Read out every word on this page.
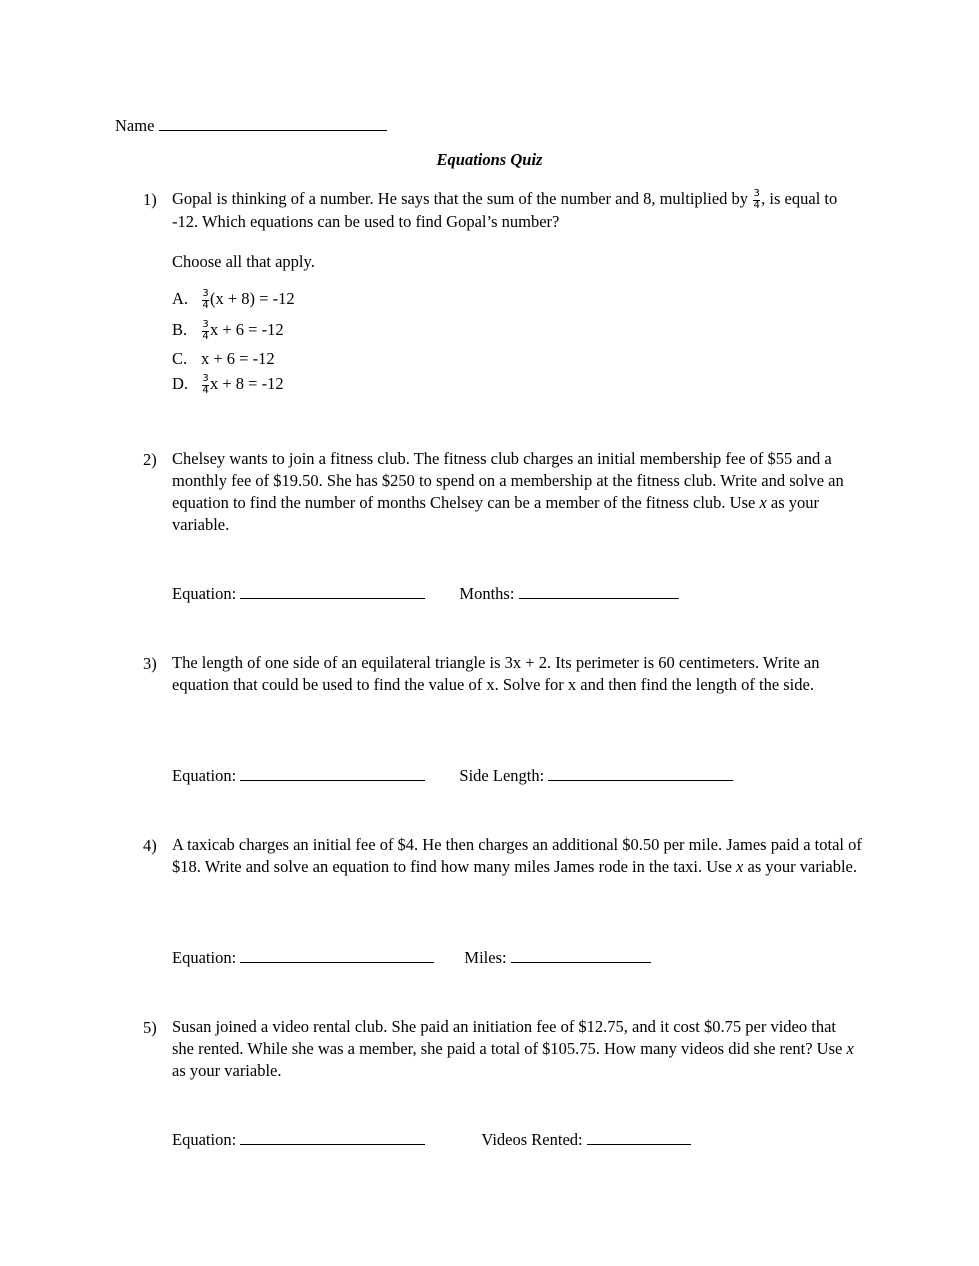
Name
Equations Quiz
1) Gopal is thinking of a number. He says that the sum of the number and 8, multiplied by $\frac{3}{4}$ , is equal to -12. Which equations can be used to find Gopal’s number?
Choose all that apply.
A. $\frac{3}{4} (x + 8) = -12$
B. $\frac{3}{4}$ x + 6 = -12
C. x + 6 = -12
D. $\frac{3}{4}$ x + 8 = -12
2) Chelsey wants to join a fitness club. The fitness club charges an initial membership fee of $55 and a monthly fee of $19.50. She has $250 to spend on a membership at the fitness club. Write and solve an equation to find the number of months Chelsey can be a member of the fitness club. Use x as your variable.
Equation:	Months:
3) The length of one side of an equilateral triangle is 3x + 2. Its perimeter is 60 centimeters. Write an equation that could be used to find the value of x. Solve for x and then find the length of the side.
Equation:	Side Length:
4) A taxicab charges an initial fee of $4. He then charges an additional $0.50 per mile. James paid a total of $18. Write and solve an equation to find how many miles James rode in the taxi. Use x as your variable.
Equation:	Miles:
5) Susan joined a video rental club. She paid an initiation fee of $12.75, and it cost $0.75 per video that she rented. While she was a member, she paid a total of $105.75. How many videos did she rent? Use x as your variable.
Equation:	Videos Rented:
